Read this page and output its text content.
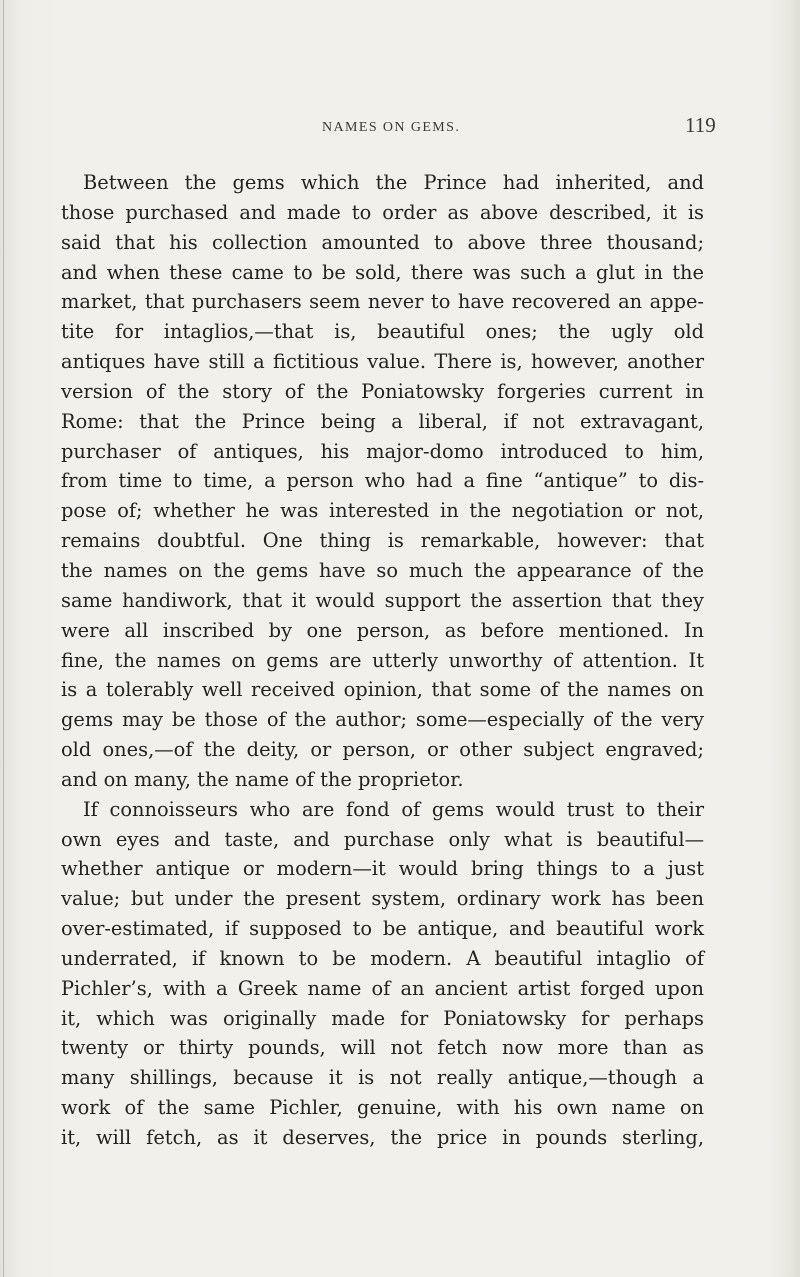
NAMES ON GEMS.	119
Between the gems which the Prince had inherited, and
those purchased and made to order as above described, it is
said that his collection amounted to above three thousand;
and when these came to be sold, there was such a glut in the
market, that purchasers seem never to have recovered an appe-
tite for intaglios,—that is, beautiful ones; the ugly old
antiques have still a fictitious value. There is, however, another
version of the story of the Poniatowsky forgeries current in
Rome: that the Prince being a liberal, if not extravagant,
purchaser of antiques, his major-domo introduced to him,
from time to time, a person who had a fine “antique” to dis-
pose of; whether he was interested in the negotiation or not,
remains doubtful. One thing is remarkable, however: that
the names on the gems have so much the appearance of the
same handiwork, that it would support the assertion that they
were all inscribed by one person, as before mentioned. In
fine, the names on gems are utterly unworthy of attention. It
is a tolerably well received opinion, that some of the names on
gems may be those of the author; some—especially of the very
old ones,—of the deity, or person, or other subject engraved;
and on many, the name of the proprietor.
If connoisseurs who are fond of gems would trust to their
own eyes and taste, and purchase only what is beautiful—
whether antique or modern—it would bring things to a just
value; but under the present system, ordinary work has been
over-estimated, if supposed to be antique, and beautiful work
underrated, if known to be modern. A beautiful intaglio of
Pichler’s, with a Greek name of an ancient artist forged upon
it, which was originally made for Poniatowsky for perhaps
twenty or thirty pounds, will not fetch now more than as
many shillings, because it is not really antique,—though a
work of the same Pichler, genuine, with his own name on
it, will fetch, as it deserves, the price in pounds sterling,
